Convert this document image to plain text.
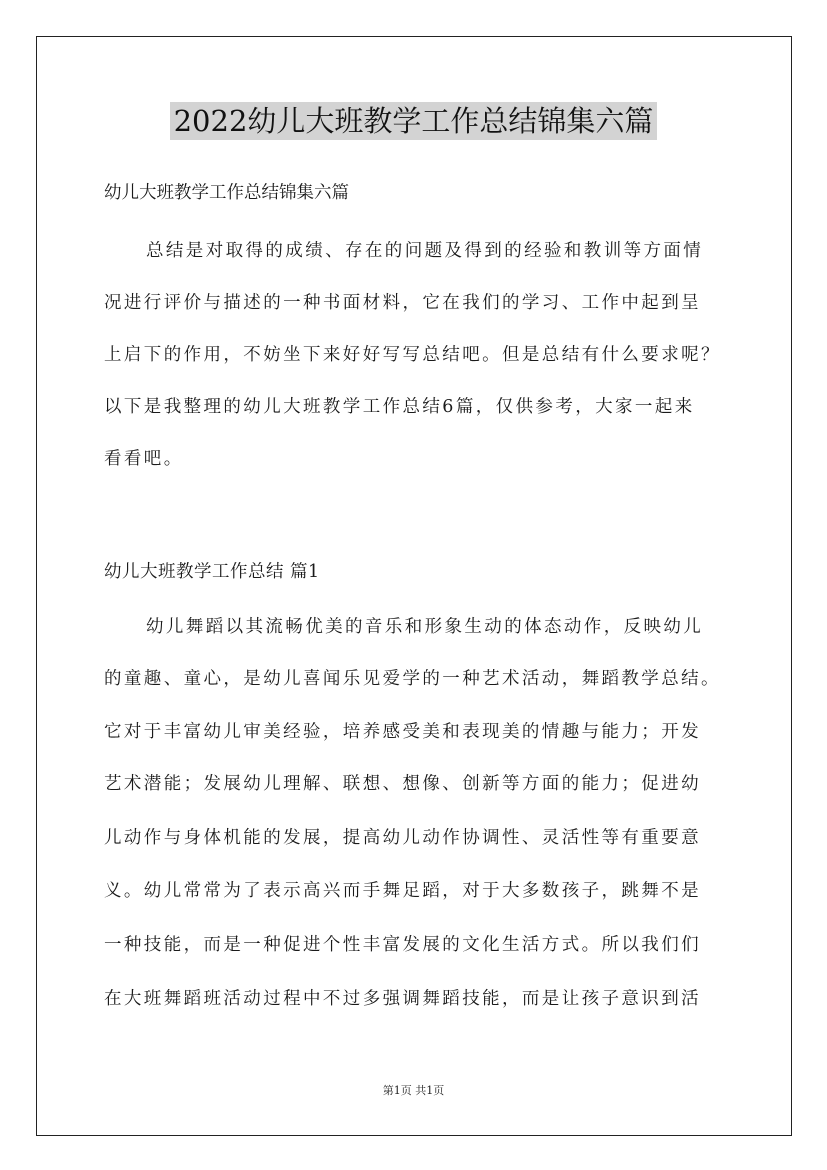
2022幼儿大班教学工作总结锦集六篇

幼儿大班教学工作总结锦集六篇

总结是对取得的成绩、存在的问题及得到的经验和教训等方面情

况进行评价与描述的一种书面材料，它在我们的学习、工作中起到呈

上启下的作用，不妨坐下来好好写写总结吧。但是总结有什么要求呢？

以下是我整理的幼儿大班教学工作总结6篇，仅供参考，大家一起来

看看吧。

幼儿大班教学工作总结 篇1

幼儿舞蹈以其流畅优美的音乐和形象生动的体态动作，反映幼儿

的童趣、童心，是幼儿喜闻乐见爱学的一种艺术活动，舞蹈教学总结。

它对于丰富幼儿审美经验，培养感受美和表现美的情趣与能力；开发

艺术潜能；发展幼儿理解、联想、想像、创新等方面的能力；促进幼

儿动作与身体机能的发展，提高幼儿动作协调性、灵活性等有重要意

义。幼儿常常为了表示高兴而手舞足蹈，对于大多数孩子，跳舞不是

一种技能，而是一种促进个性丰富发展的文化生活方式。所以我们们

在大班舞蹈班活动过程中不过多强调舞蹈技能，而是让孩子意识到活

第1页 共1页
